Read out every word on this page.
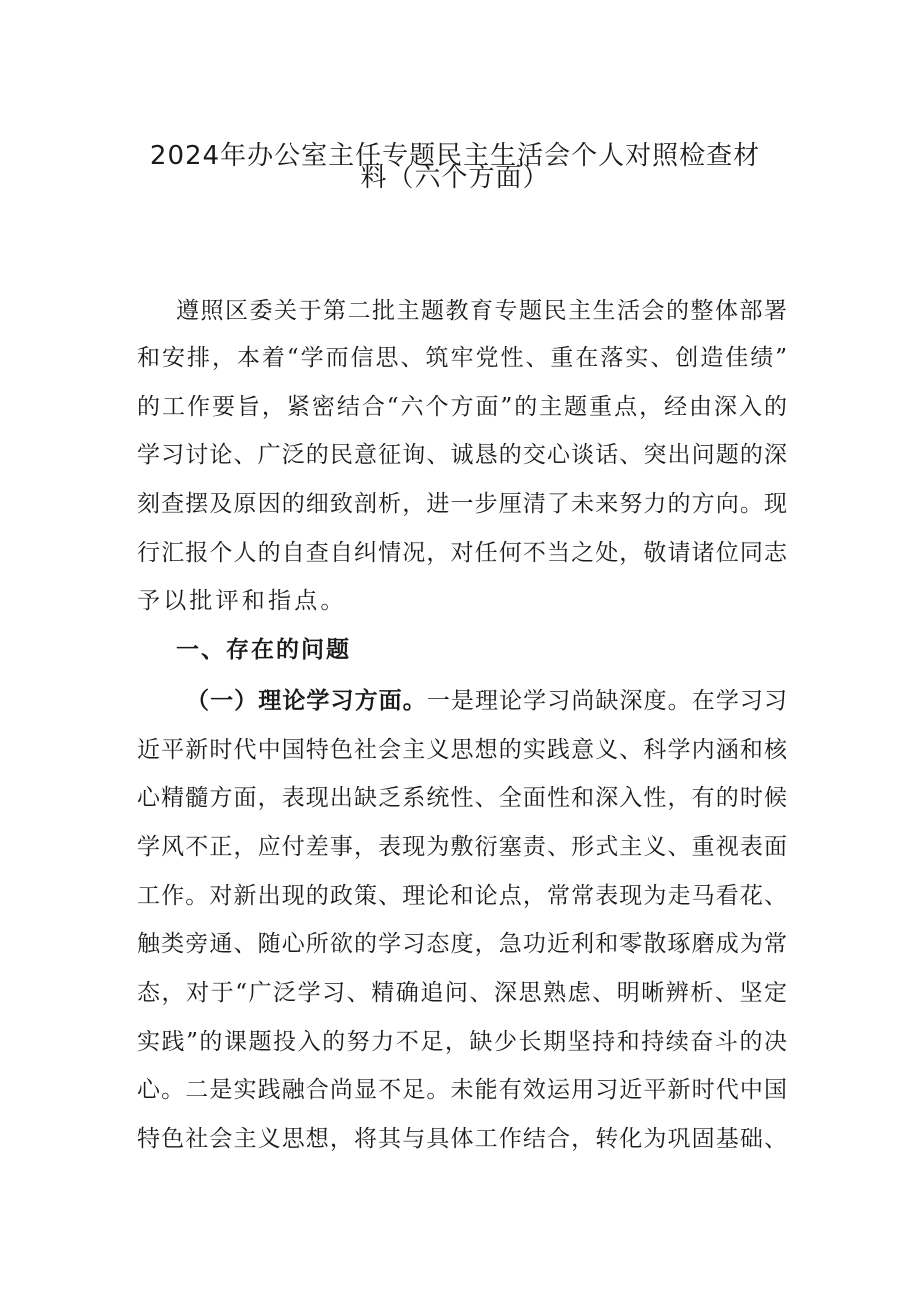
2024年办公室主任专题民主生活会个人对照检查材
料（六个方面）
遵照区委关于第二批主题教育专题民主生活会的整体部署
和安排，本着“学而信思、筑牢党性、重在落实、创造佳绩”
的工作要旨，紧密结合“六个方面”的主题重点，经由深入的
学习讨论、广泛的民意征询、诚恳的交心谈话、突出问题的深
刻查摆及原因的细致剖析，进一步厘清了未来努力的方向。现
行汇报个人的自查自纠情况，对任何不当之处，敬请诸位同志
予以批评和指点。
一、存在的问题
（一）理论学习方面。一是理论学习尚缺深度。在学习习
近平新时代中国特色社会主义思想的实践意义、科学内涵和核
心精髓方面，表现出缺乏系统性、全面性和深入性，有的时候
学风不正，应付差事，表现为敷衍塞责、形式主义、重视表面
工作。对新出现的政策、理论和论点，常常表现为走马看花、
触类旁通、随心所欲的学习态度，急功近利和零散琢磨成为常
态，对于“广泛学习、精确追问、深思熟虑、明晰辨析、坚定
实践”的课题投入的努力不足，缺少长期坚持和持续奋斗的决
心。二是实践融合尚显不足。未能有效运用习近平新时代中国
特色社会主义思想，将其与具体工作结合，转化为巩固基础、
